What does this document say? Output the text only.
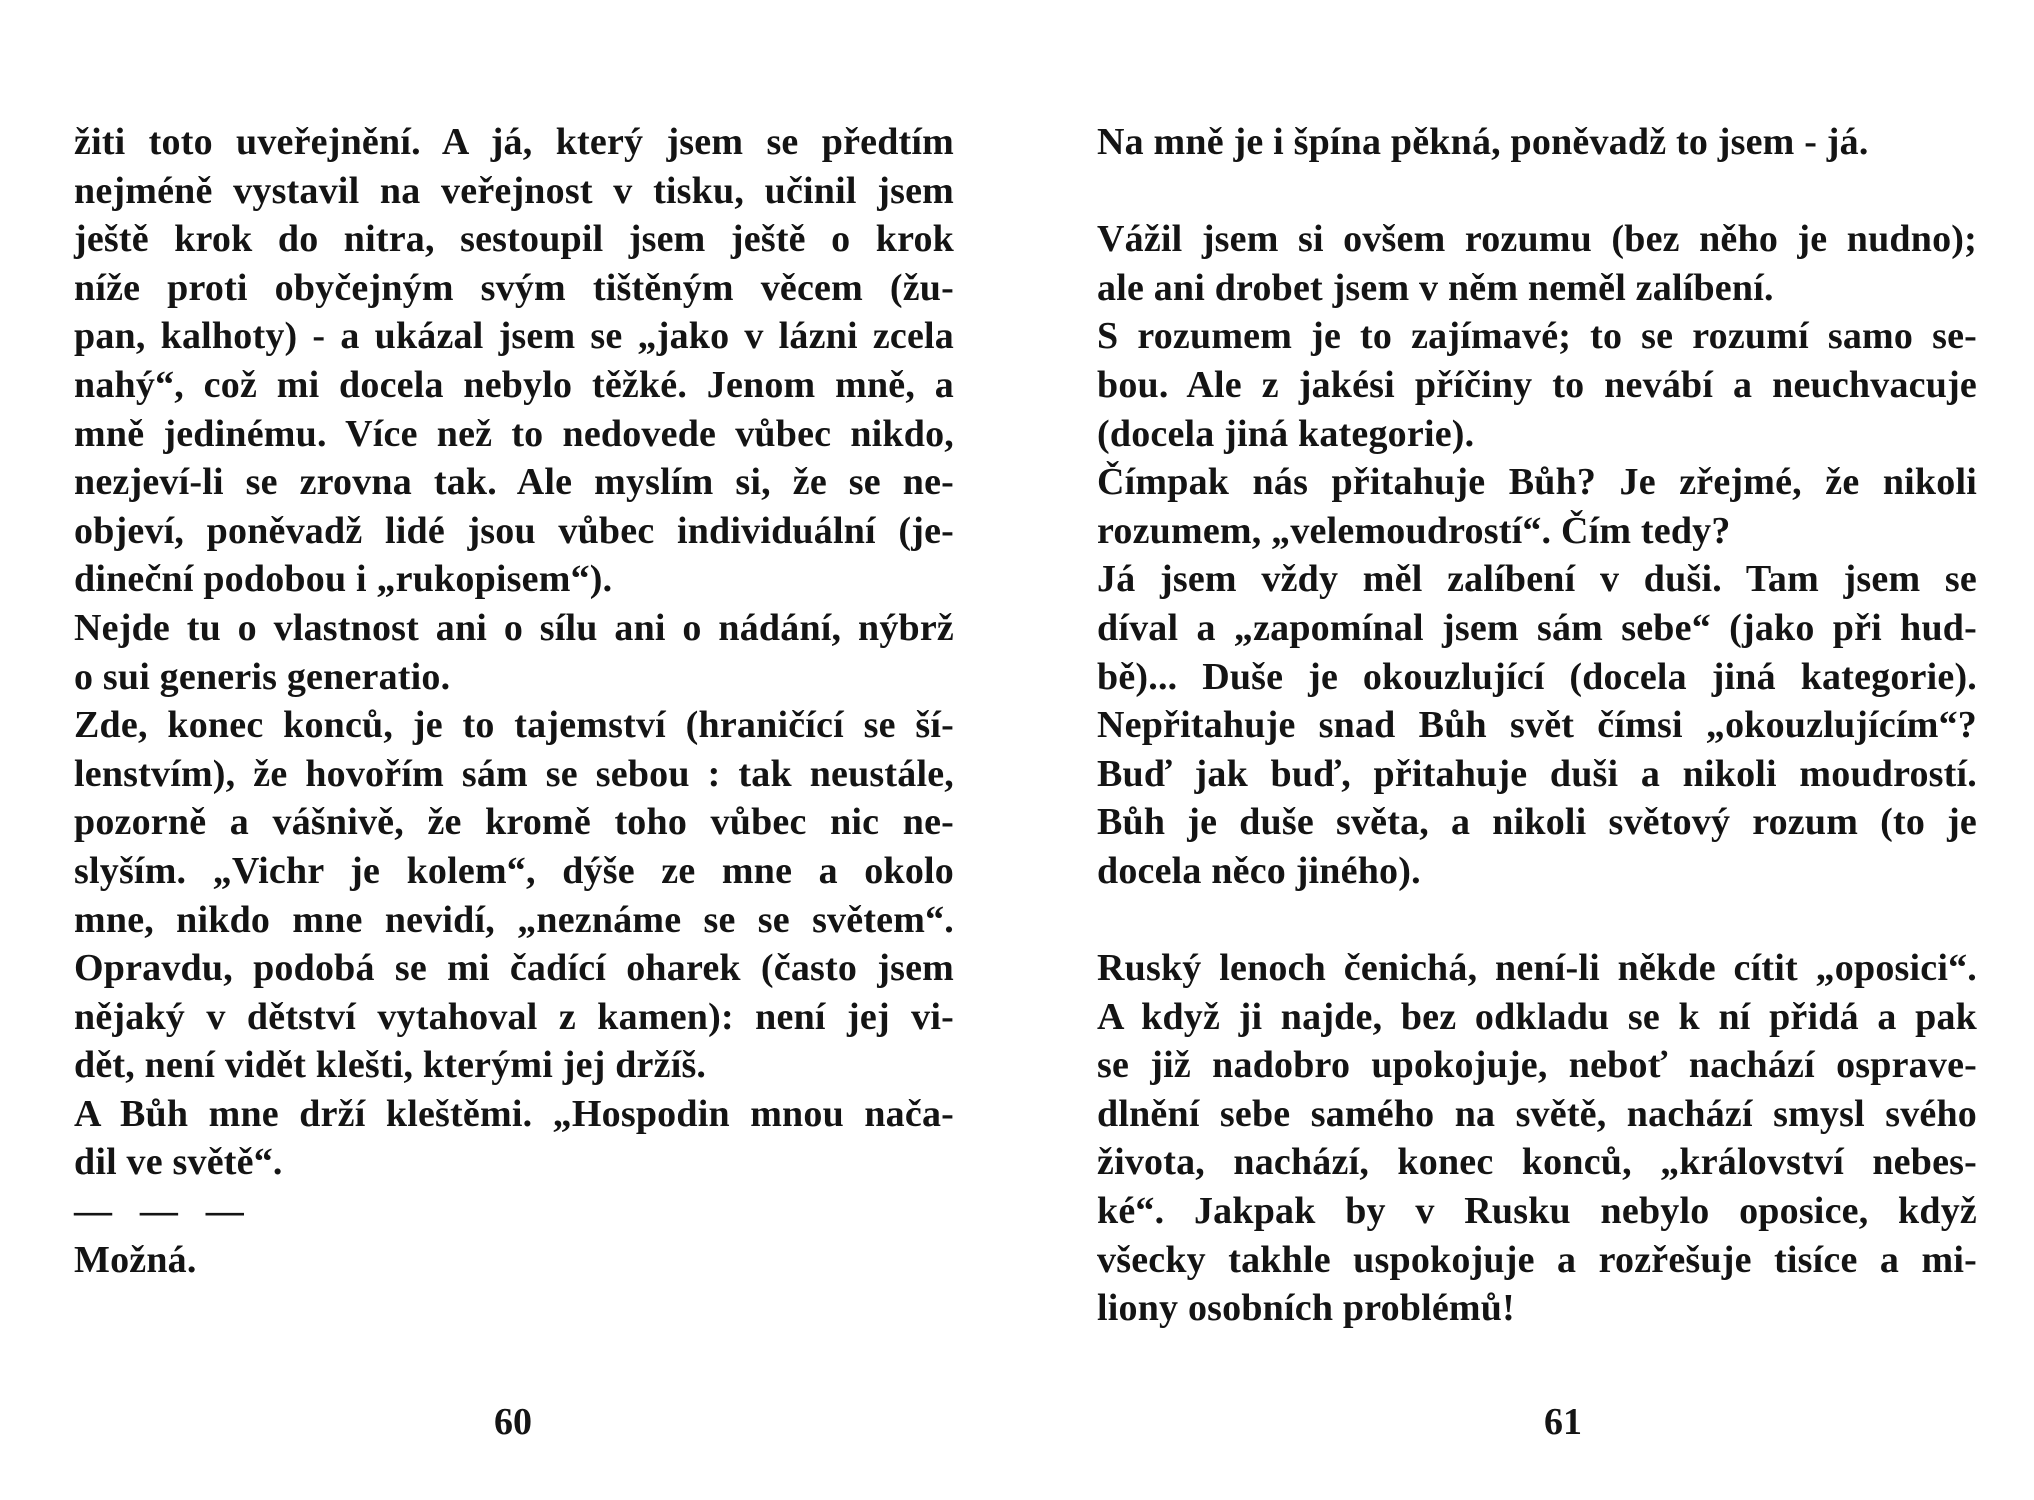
žiti toto uveřejnění. A já, který jsem se předtím
nejméně vystavil na veřejnost v tisku, učinil jsem
ještě krok do nitra, sestoupil jsem ještě o krok
níže proti obyčejným svým tištěným věcem (žu-
pan, kalhoty) - a ukázal jsem se „jako v lázni zcela
nahý“, což mi docela nebylo těžké. Jenom mně, a
mně jedinému. Více než to nedovede vůbec nikdo,
nezjeví-li se zrovna tak. Ale myslím si, že se ne-
objeví, poněvadž lidé jsou vůbec individuální (je-
dineční podobou i „rukopisem“).
Nejde tu o vlastnost ani o sílu ani o nádání, nýbrž
o sui generis generatio.
Zde, konec konců, je to tajemství (hraničící se ší-
lenstvím), že hovořím sám se sebou : tak neustále,
pozorně a vášnivě, že kromě toho vůbec nic ne-
slyším. „Vichr je kolem“, dýše ze mne a okolo
mne, nikdo mne nevidí, „neznáme se se světem“.
Opravdu, podobá se mi čadící oharek (často jsem
nějaký v dětství vytahoval z kamen): není jej vi-
dět, není vidět klešti, kterými jej držíš.
A Bůh mne drží kleštěmi. „Hospodin mnou nača-
dil ve světě“.
— — —
Možná.
60
Na mně je i špína pěkná, poněvadž to jsem - já.
Vážil jsem si ovšem rozumu (bez něho je nudno);
ale ani drobet jsem v něm neměl zalíbení.
S rozumem je to zajímavé; to se rozumí samo se-
bou. Ale z jakési příčiny to nevábí a neuchvacuje
(docela jiná kategorie).
Čímpak nás přitahuje Bůh? Je zřejmé, že nikoli
rozumem, „velemoudrostí“. Čím tedy?
Já jsem vždy měl zalíbení v duši. Tam jsem se
díval a „zapomínal jsem sám sebe“ (jako při hud-
bě)... Duše je okouzlující (docela jiná kategorie).
Nepřitahuje snad Bůh svět čímsi „okouzlujícím“?
Buď jak buď, přitahuje duši a nikoli moudrostí.
Bůh je duše světa, a nikoli světový rozum (to je
docela něco jiného).
Ruský lenoch čenichá, není-li někde cítit „oposici“.
A když ji najde, bez odkladu se k ní přidá a pak
se již nadobro upokojuje, neboť nachází osprave-
dlnění sebe samého na světě, nachází smysl svého
života, nachází, konec konců, „království nebes-
ké“. Jakpak by v Rusku nebylo oposice, když
všecky takhle uspokojuje a rozřešuje tisíce a mi-
liony osobních problémů!
61
